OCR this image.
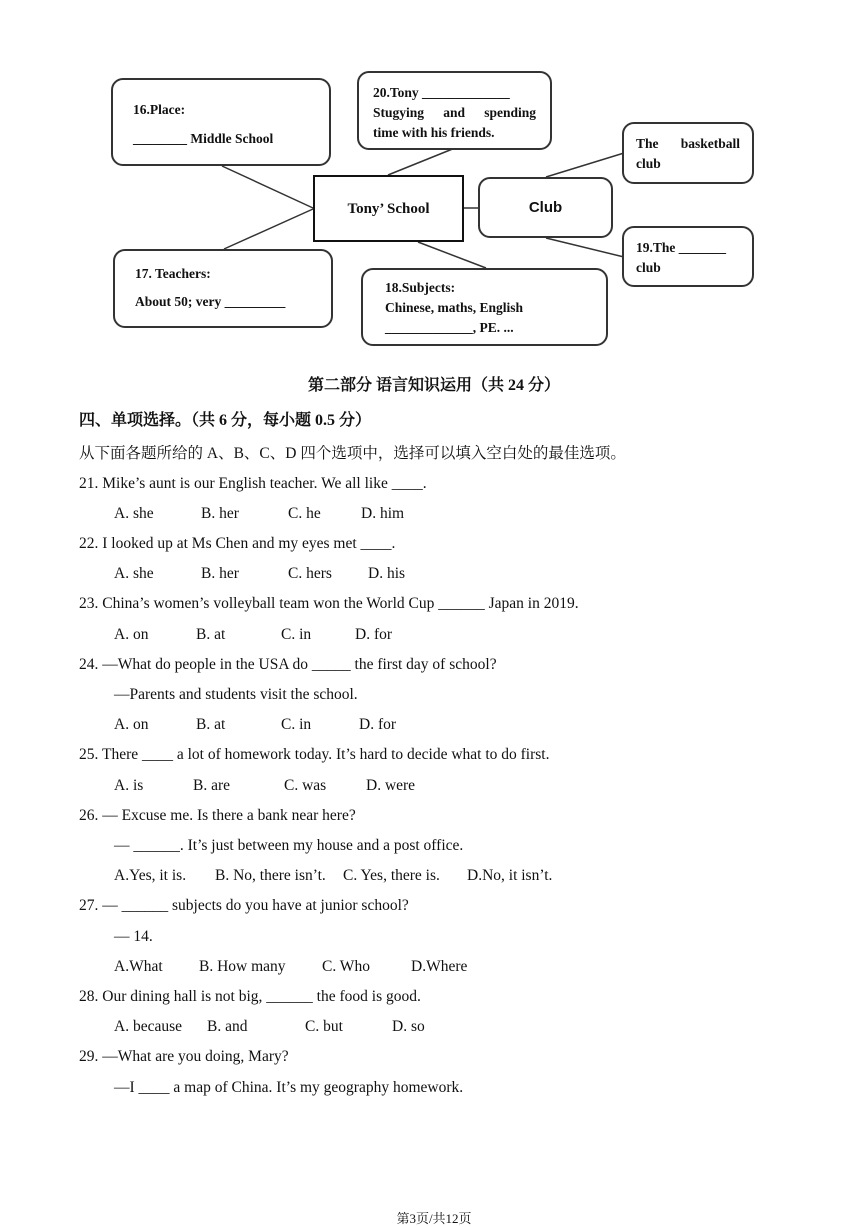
16.Place:
________ Middle School
20.Tony _____________
Stugying and spending
time with his friends.
Tony’ School	Club
The basketball
club
19.The _______
club
17. Teachers:
About 50; very _________
18.Subjects:
Chinese, maths, English
_____________, PE. ...
第二部分 语言知识运用（共 24 分）
四、单项选择。（共 6 分，每小题 0.5 分）
从下面各题所给的 A、B、C、D 四个选项中，选择可以填入空白处的最佳选项。
21. Mike’s aunt is our English teacher. We all like ____.
A. she	B. her	C. he	D. him
22. I looked up at Ms Chen and my eyes met ____.
A. she	B. her	C. hers D. his
23. China’s women’s volleyball team won the World Cup ______ Japan in 2019.
A. on	B. at	C. in	D. for
24. —What do people in the USA do _____ the first day of school?
—Parents and students visit the school.
A. on	B. at	C. in	D. for
25. There ____ a lot of homework today. It’s hard to decide what to do first.
A. is	B. are	C. was	D. were
26. — Excuse me. Is there a bank near here?
— ______. It’s just between my house and a post office.
A.Yes, it is. B. No, there isn’t. C. Yes, there is. D.No, it isn’t.
27. — ______ subjects do you have at junior school?
— 14.
A.What B. How many C. Who	D.Where
28. Our dining hall is not big, ______ the food is good.
A. because B. and	C. but	D. so
29. —What are you doing, Mary?
—I ____ a map of China. It’s my geography homework.
第3页/共12页
